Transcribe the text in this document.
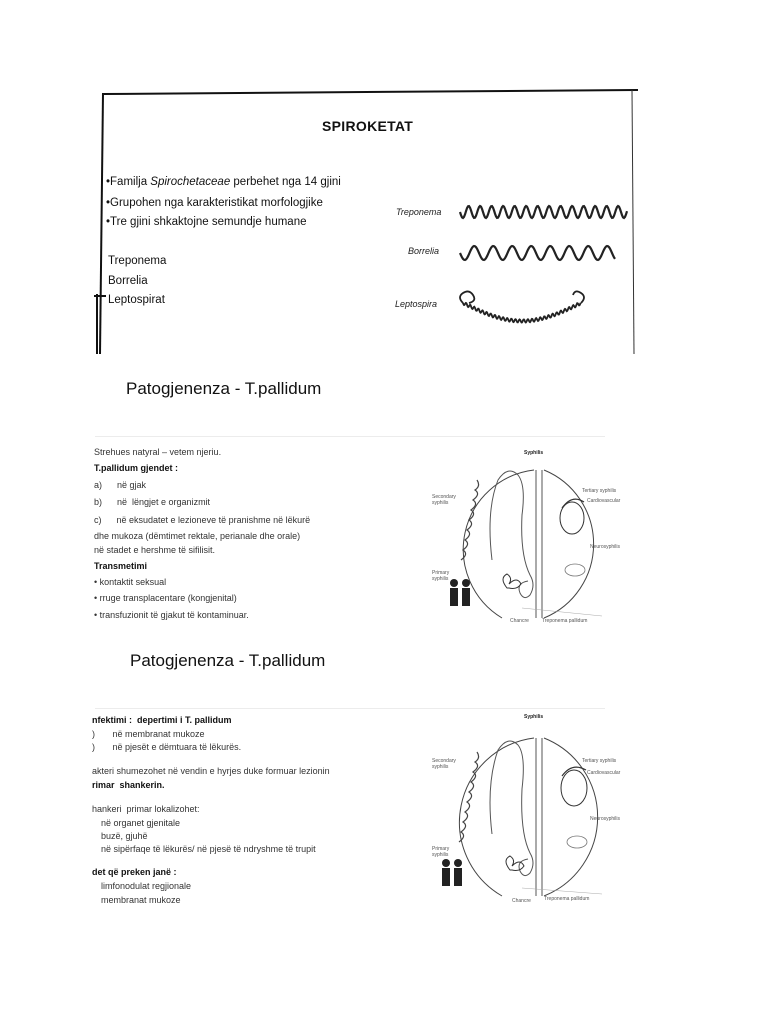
SPIROKETAT
•Familja Spirochetaceae perbehet nga 14 gjini
•Grupohen nga karakteristikat morfologjike
•Tre gjini shkaktojne semundje humane
Treponema
Borrelia
Leptospirat
Treponema
Borrelia
Leptospira
Patogjenenza - T.pallidum
Strehues natyral – vetem njeriu.
T.pallidum gjendet :
a)      në gjak
b)      në  lëngjet e organizmit
c)      në eksudatet e lezioneve të pranishme në lëkurë
dhe mukoza (dëmtimet rektale, perianale dhe orale)
në stadet e hershme të sifilisit.
Transmetimi
• kontaktit seksual
• rruge transplacentare (kongjenital)
• transfuzionit të gjakut të kontaminuar.
Syphilis
Secondary syphilis
Tertiary syphilis
Cardiovascular
Neurosyphilis
Primary syphilis
Chancre	Treponema pallidum
Patogjenenza - T.pallidum
nfektimi :  depertimi i T. pallidum
)       në membranat mukoze
)       në pjesët e dëmtuara të lëkurës.
akteri shumezohet në vendin e hyrjes duke formuar lezionin
rimar  shankerin.
hankeri  primar lokalizohet:
në organet gjenitale
buzë, gjuhë
në sipërfaqe të lëkurës/ në pjesë të ndryshme të trupit
det që preken janë :
limfonodulat regjionale
membranat mukoze
Syphilis
Secondary syphilis
Tertiary syphilis
Cardiovascular
Neurosyphilis
Primary syphilis
Chancre	Treponema pallidum
